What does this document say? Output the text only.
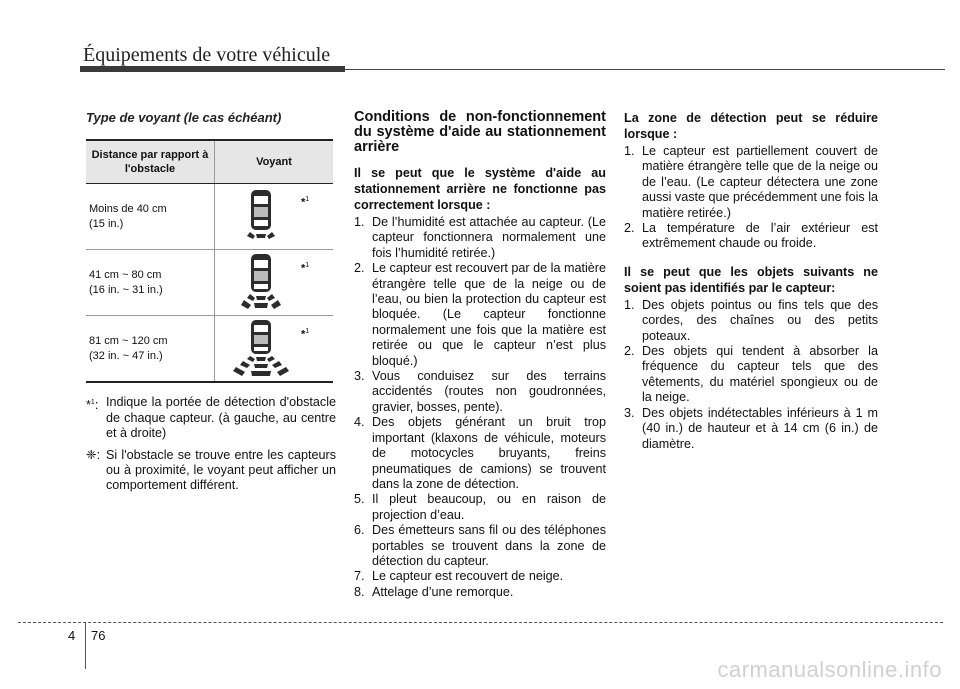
Équipements de votre véhicule
Type de voyant (le cas échéant)
Distance par rapport à l'obstacle	Voyant
Moins de 40 cm
(15 in.)	*$^1$

41 cm ~ 80 cm
(16 in. ~ 31 in.)	*$^1$

81 cm ~ 120 cm
(32 in. ~ 47 in.)	*$^1$
*$^1$: Indique la portée de détection d'obstacle de chaque capteur. (à gauche, au centre et à droite)
❈: Si l'obstacle se trouve entre les capteurs ou à proximité, le voyant peut afficher un comportement différent.
Conditions de non-fonctionnement du système d'aide au stationnement arrière
Il se peut que le système d'aide au stationnement arrière ne fonctionne pas correctement lorsque :
1. De l’humidité est attachée au capteur. (Le capteur fonctionnera normalement une fois l’humidité retirée.)
2. Le capteur est recouvert par de la matière étrangère telle que de la neige ou de l’eau, ou bien la protection du capteur est bloquée. (Le capteur fonctionne normalement une fois que la matière est retirée ou que le capteur n’est plus bloqué.)
3. Vous conduisez sur des terrains accidentés (routes non goudronnées, gravier, bosses, pente).
4. Des objets générant un bruit trop important (klaxons de véhicule, moteurs de motocycles bruyants, freins pneumatiques de camions) se trouvent dans la zone de détection.
5. Il pleut beaucoup, ou en raison de projection d’eau.
6. Des émetteurs sans fil ou des téléphones portables se trouvent dans la zone de détection du capteur.
7. Le capteur est recouvert de neige.
8. Attelage d’une remorque.
La zone de détection peut se réduire lorsque :
1. Le capteur est partiellement couvert de matière étrangère telle que de la neige ou de l’eau. (Le capteur détectera une zone aussi vaste que précédemment une fois la matière retirée.)
2. La température de l’air extérieur est extrêmement chaude ou froide.
Il se peut que les objets suivants ne soient pas identifiés par le capteur:
1. Des objets pointus ou fins tels que des cordes, des chaînes ou des petits poteaux.
2. Des objets qui tendent à absorber la fréquence du capteur tels que des vêtements, du matériel spongieux ou de la neige.
3. Des objets indétectables inférieurs à 1 m (40 in.) de hauteur et à 14 cm (6 in.) de diamètre.
4 76
carmanualsonline.info
